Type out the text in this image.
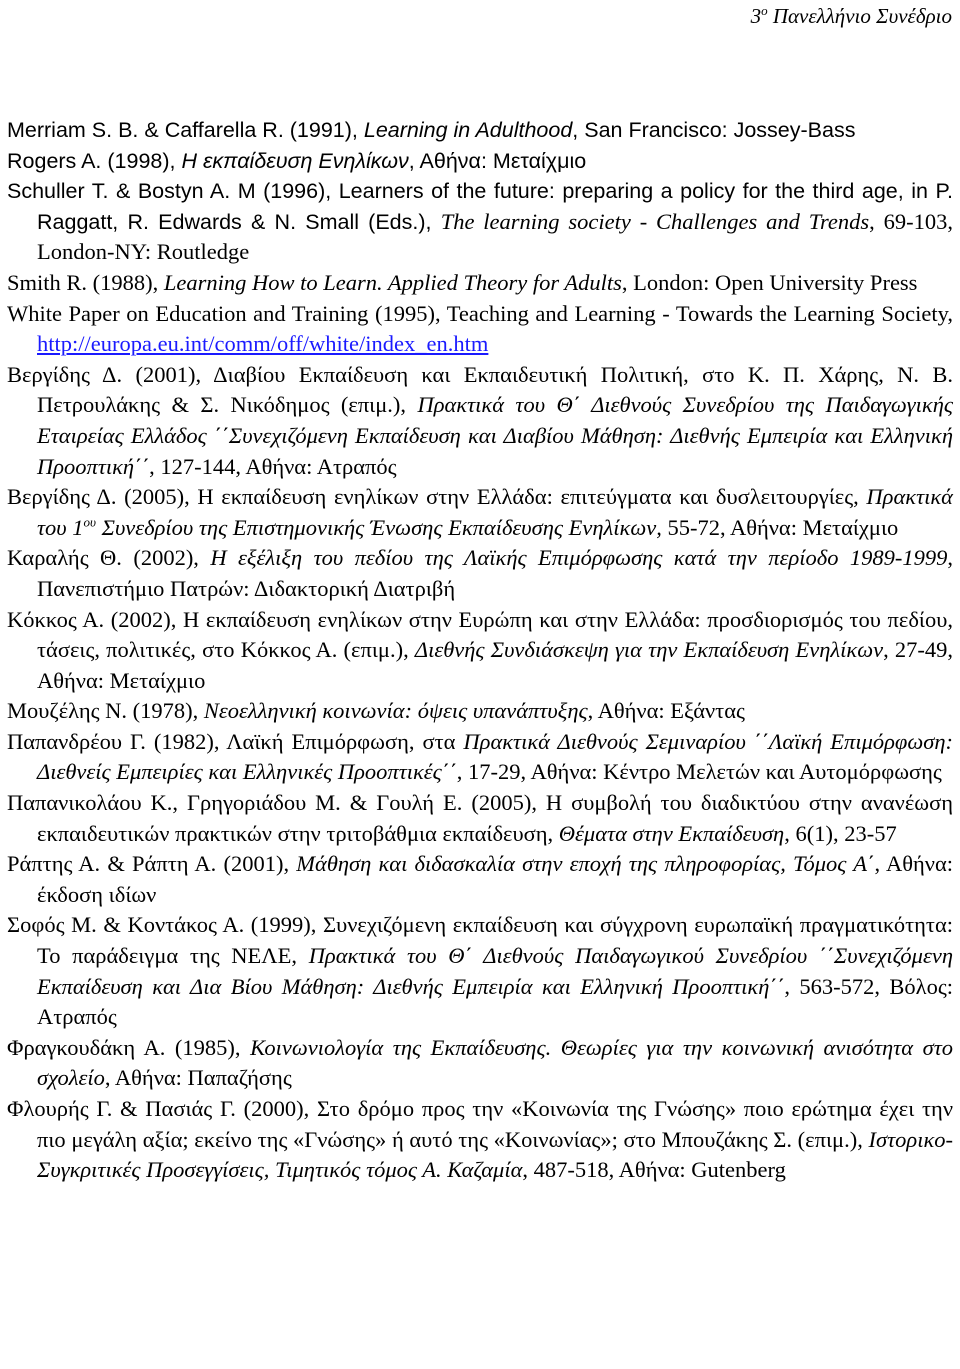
$3^o$ Πανελλήνιο Συνέδριο
Merriam S. B. & Caffarella R. (1991), Learning in Adulthood, San Francisco: Jossey-Bass
Rogers A. (1998), Η εκπαίδευση Ενηλίκων, Αθήνα: Μεταίχμιο
Schuller T. & Bostyn A. M (1996), Learners of the future: preparing a policy for the third age, in P. Raggatt, R. Edwards & N. Small (Eds.), The learning society - Challenges and Trends, 69-103, London-NY: Routledge
Smith R. (1988), Learning How to Learn. Applied Theory for Adults, London: Open University Press
White Paper on Education and Training (1995), Teaching and Learning - Towards the Learning Society, http://europa.eu.int/comm/off/white/index_en.htm
Βεργίδης Δ. (2001), Διαβίου Εκπαίδευση και Εκπαιδευτική Πολιτική, στο Κ. Π. Χάρης, Ν. Β. Πετρουλάκης & Σ. Νικόδημος (επιμ.), Πρακτικά του Θ΄ Διεθνούς Συνεδρίου της Παιδαγωγικής Εταιρείας Ελλάδος ΄΄Συνεχιζόμενη Εκπαίδευση και Διαβίου Μάθηση: Διεθνής Εμπειρία και Ελληνική Προοπτική΄΄, 127-144, Αθήνα: Ατραπός
Βεργίδης Δ. (2005), Η εκπαίδευση ενηλίκων στην Ελλάδα: επιτεύγματα και δυσλειτουργίες, Πρακτικά του $1^{o\upsilon}$ Συνεδρίου της Επιστημονικής Ένωσης Εκπαίδευσης Ενηλίκων, 55-72, Αθήνα: Μεταίχμιο
Καραλής Θ. (2002), Η εξέλιξη του πεδίου της Λαϊκής Επιμόρφωσης κατά την περίοδο 1989-1999, Πανεπιστήμιο Πατρών: Διδακτορική Διατριβή
Κόκκος Α. (2002), Η εκπαίδευση ενηλίκων στην Ευρώπη και στην Ελλάδα: προσδιορισμός του πεδίου, τάσεις, πολιτικές, στο Κόκκος Α. (επιμ.), Διεθνής Συνδιάσκεψη για την Εκπαίδευση Ενηλίκων, 27-49, Αθήνα: Μεταίχμιο
Μουζέλης Ν. (1978), Νεοελληνική κοινωνία: όψεις υπανάπτυξης, Αθήνα: Εξάντας
Παπανδρέου Γ. (1982), Λαϊκή Επιμόρφωση, στα Πρακτικά Διεθνούς Σεμιναρίου ΄΄Λαϊκή Επιμόρφωση: Διεθνείς Εμπειρίες και Ελληνικές Προοπτικές΄΄, 17-29, Αθήνα: Κέντρο Μελετών και Αυτομόρφωσης
Παπανικολάου Κ., Γρηγοριάδου Μ. & Γουλή Ε. (2005), Η συμβολή του διαδικτύου στην ανανέωση εκπαιδευτικών πρακτικών στην τριτοβάθμια εκπαίδευση, Θέματα στην Εκπαίδευση, 6(1), 23-57
Ράπτης Α. & Ράπτη Α. (2001), Μάθηση και διδασκαλία στην εποχή της πληροφορίας, Τόμος Α΄, Αθήνα: έκδοση ιδίων
Σοφός Μ. & Κοντάκος Α. (1999), Συνεχιζόμενη εκπαίδευση και σύγχρονη ευρωπαϊκή πραγματικότητα: Το παράδειγμα της ΝΕΛΕ, Πρακτικά του Θ΄ Διεθνούς Παιδαγωγικού Συνεδρίου ΄΄Συνεχιζόμενη Εκπαίδευση και Δια Βίου Μάθηση: Διεθνής Εμπειρία και Ελληνική Προοπτική΄΄, 563-572, Βόλος: Ατραπός
Φραγκουδάκη Α. (1985), Κοινωνιολογία της Εκπαίδευσης. Θεωρίες για την κοινωνική ανισότητα στο σχολείο, Αθήνα: Παπαζήσης
Φλουρής Γ. & Πασιάς Γ. (2000), Στο δρόμο προς την «Κοινωνία της Γνώσης» ποιο ερώτημα έχει την πιο μεγάλη αξία; εκείνο της «Γνώσης» ή αυτό της «Κοινωνίας»; στο Μπουζάκης Σ. (επιμ.), Ιστορικο-Συγκριτικές Προσεγγίσεις, Τιμητικός τόμος Α. Καζαμία, 487-518, Αθήνα: Gutenberg
